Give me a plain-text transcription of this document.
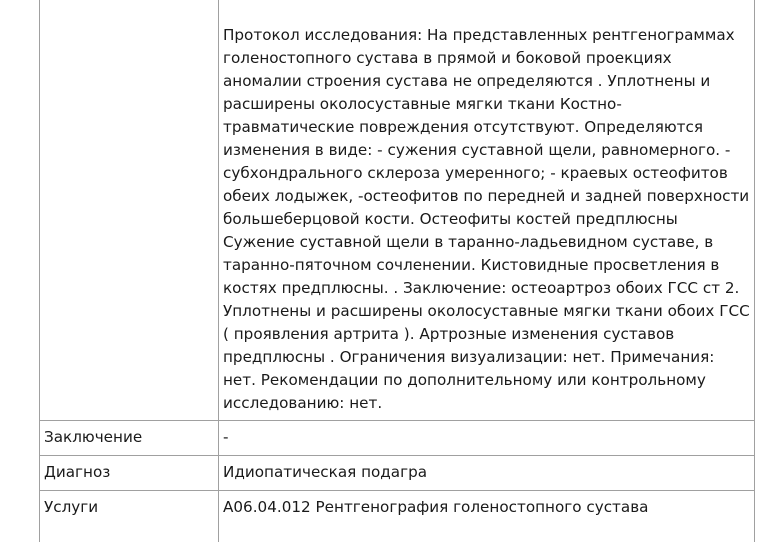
	Протокол исследования: На представленных рентгенограммах голеностопного сустава в прямой и боковой проекциях аномалии строения сустава не определяются . Уплотнены и расширены околосуставные мягки ткани Костно-травматические повреждения отсутствуют. Определяются изменения в виде: - сужения суставной щели, равномерного. - субхондрального склероза умеренного; - краевых остеофитов обеих лодыжек, -остеофитов по передней и задней поверхности большеберцовой кости. Остеофиты костей предплюсны Сужение суставной щели в таранно-ладьевидном суставе, в таранно-пяточном сочленении. Кистовидные просветления в костях предплюсны. . Заключение: остеоартроз обоих ГСС ст 2. Уплотнены и расширены околосуставные мягки ткани обоих ГСС ( проявления артрита ). Артрозные изменения суставов предплюсны . Ограничения визуализации: нет. Примечания: нет. Рекомендации по дополнительному или контрольному исследованию: нет.
Заключение	-
Диагноз	Идиопатическая подагра
Услуги	A06.04.012 Рентгенография голеностопного сустава
